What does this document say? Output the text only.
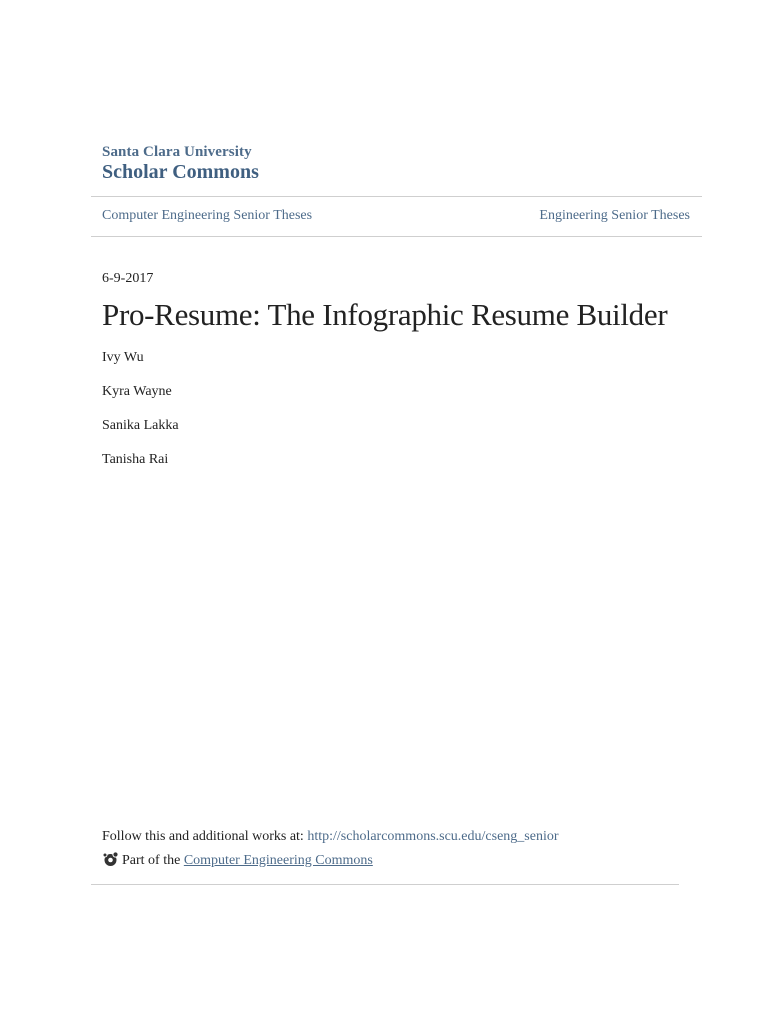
Santa Clara University
Scholar Commons
Computer Engineering Senior Theses	Engineering Senior Theses
6-9-2017
Pro-Resume: The Infographic Resume Builder
Ivy Wu
Kyra Wayne
Sanika Lakka
Tanisha Rai
Follow this and additional works at: http://scholarcommons.scu.edu/cseng_senior
Part of the
Computer Engineering Commons
